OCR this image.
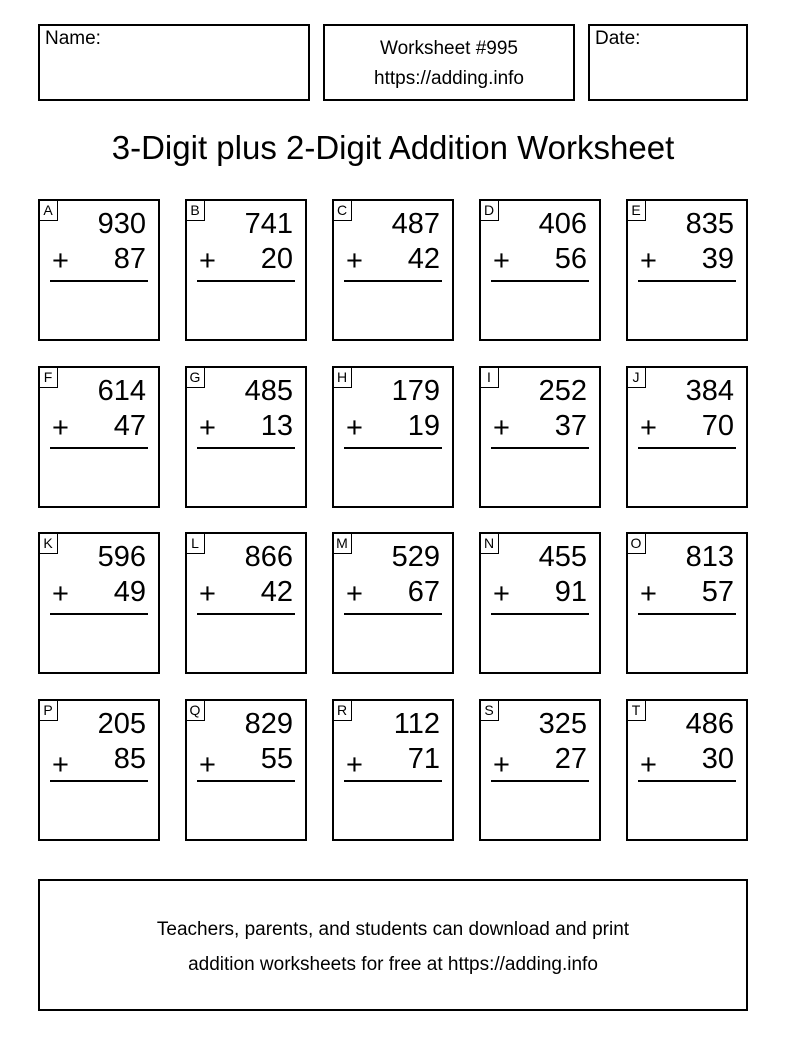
Name:	Worksheet #995
https://adding.info
Date:
3-Digit plus 2-Digit Addition Worksheet
A 930
+ 87
B 741
+ 20
C 487
+ 42
D 406
+ 56
E 835
+ 39
F 614
+ 47
G 485
+ 13
H 179
+ 19
I 252
+ 37
J 384
+ 70
K 596
+ 49
L 866
+ 42
M 529
+ 67
N 455
+ 91
O 813
+ 57
P 205
+ 85
Q 829
+ 55
R 112
+ 71
S 325
+ 27
T 486
+ 30
Teachers, parents, and students can download and print
addition worksheets for free at https://adding.info
